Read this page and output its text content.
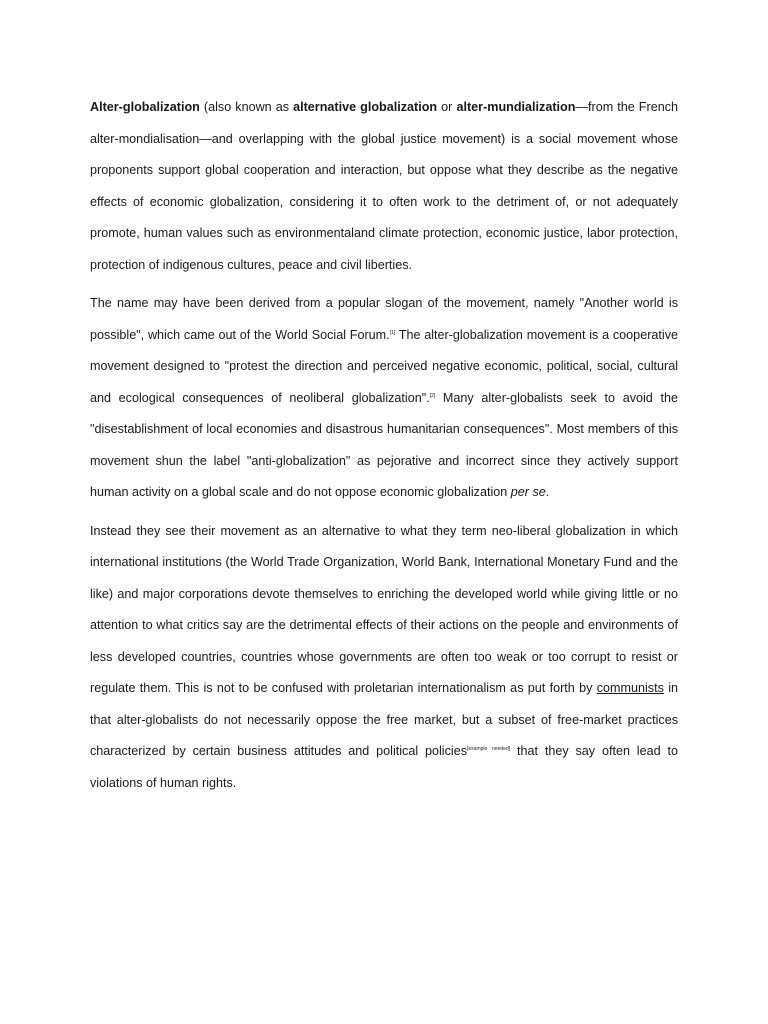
Alter-globalization (also known as alternative globalization or alter-mundialization—from the French alter-mondialisation—and overlapping with the global justice movement) is a social movement whose proponents support global cooperation and interaction, but oppose what they describe as the negative effects of economic globalization, considering it to often work to the detriment of, or not adequately promote, human values such as environmentaland climate protection, economic justice, labor protection, protection of indigenous cultures, peace and civil liberties.

The name may have been derived from a popular slogan of the movement, namely "Another world is possible", which came out of the World Social Forum.[1] The alter-globalization movement is a cooperative movement designed to "protest the direction and perceived negative economic, political, social, cultural and ecological consequences of neoliberal globalization".[2] Many alter-globalists seek to avoid the "disestablishment of local economies and disastrous humanitarian consequences". Most members of this movement shun the label "anti-globalization" as pejorative and incorrect since they actively support human activity on a global scale and do not oppose economic globalization per se.

Instead they see their movement as an alternative to what they term neo-liberal globalization in which international institutions (the World Trade Organization, World Bank, International Monetary Fund and the like) and major corporations devote themselves to enriching the developed world while giving little or no attention to what critics say are the detrimental effects of their actions on the people and environments of less developed countries, countries whose governments are often too weak or too corrupt to resist or regulate them. This is not to be confused with proletarian internationalism as put forth by communists in that alter-globalists do not necessarily oppose the free market, but a subset of free-market practices characterized by certain business attitudes and political policies[example needed] that they say often lead to violations of human rights.
